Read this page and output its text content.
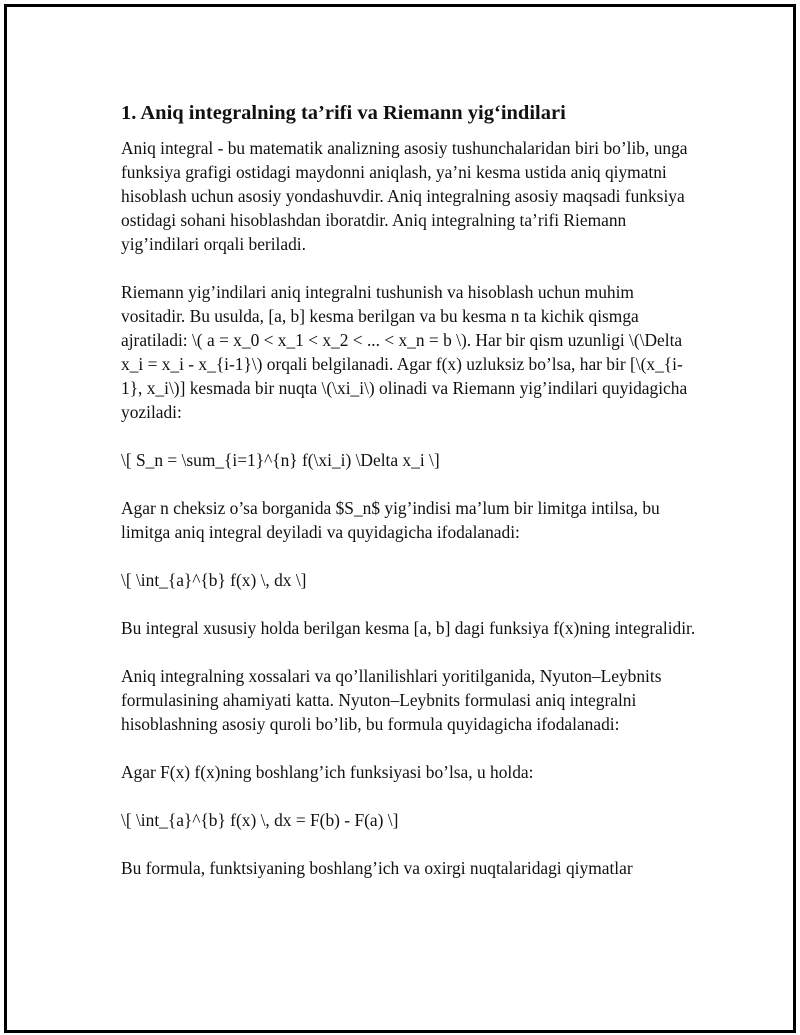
1. Aniq integralning ta’rifi va Riemann yig‘indilari

Aniq integral - bu matematik analizning asosiy tushunchalaridan biri bo’lib, unga funksiya grafigi ostidagi maydonni aniqlash, ya’ni kesma ustida aniq qiymatni hisoblash uchun asosiy yondashuvdir. Aniq integralning asosiy maqsadi funksiya ostidagi sohani hisoblashdan iboratdir. Aniq integralning ta’rifi Riemann yig’indilari orqali beriladi.

Riemann yig’indilari aniq integralni tushunish va hisoblash uchun muhim vositadir. Bu usulda, [a, b] kesma berilgan va bu kesma n ta kichik qismga ajratiladi: \( a = x_0 < x_1 < x_2 < ... < x_n = b \). Har bir qism uzunligi \(\Delta x_i = x_i - x_{i-1}\) orqali belgilanadi. Agar f(x) uzluksiz bo’lsa, har bir [\(x_{i-1}, x_i\)] kesmada bir nuqta \(\xi_i\) olinadi va Riemann yig’indilari quyidagicha yoziladi:

\[ S_n = \sum_{i=1}^{n} f(\xi_i) \Delta x_i \]

Agar n cheksiz o’sa borganida $S_n$ yig’indisi ma’lum bir limitga intilsa, bu limitga aniq integral deyiladi va quyidagicha ifodalanadi:

\[ \int_{a}^{b} f(x) \, dx \]

Bu integral xususiy holda berilgan kesma [a, b] dagi funksiya f(x)ning integralidir.

Aniq integralning xossalari va qo’llanilishlari yoritilganida, Nyuton–Leybnits formulasining ahamiyati katta. Nyuton–Leybnits formulasi aniq integralni hisoblashning asosiy quroli bo’lib, bu formula quyidagicha ifodalanadi:

Agar F(x) f(x)ning boshlang’ich funksiyasi bo’lsa, u holda:

\[ \int_{a}^{b} f(x) \, dx = F(b) - F(a) \]

Bu formula, funktsiyaning boshlang’ich va oxirgi nuqtalaridagi qiymatlar
